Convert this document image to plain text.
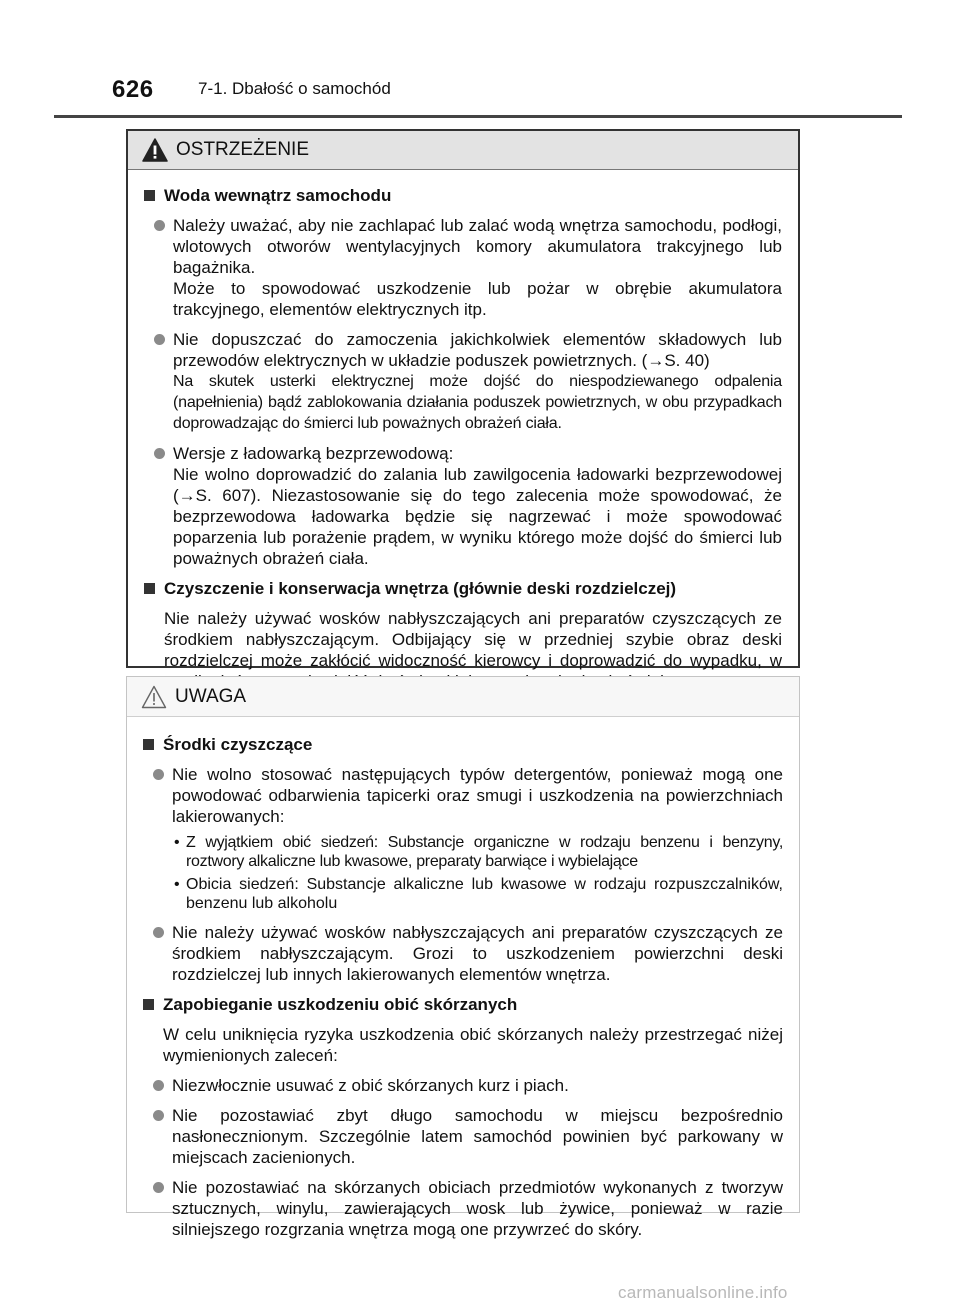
626	7-1. Dbałość o samochód
OSTRZEŻENIE
Woda wewnątrz samochodu
Należy uważać, aby nie zachlapać lub zalać wodą wnętrza samochodu, podłogi, wlotowych otworów wentylacyjnych komory akumulatora trakcyjnego lub bagażnika.
Może to spowodować uszkodzenie lub pożar w obrębie akumulatora trakcyjnego, elementów elektrycznych itp.
Nie dopuszczać do zamoczenia jakichkolwiek elementów składowych lub przewodów elektrycznych w układzie poduszek powietrznych. (→S. 40)
Na skutek usterki elektrycznej może dojść do niespodziewanego odpalenia (napełnienia) bądź zablokowania działania poduszek powietrznych, w obu przypadkach doprowadzając do śmierci lub poważnych obrażeń ciała.
Wersje z ładowarką bezprzewodową:
Nie wolno doprowadzić do zalania lub zawilgocenia ładowarki bezprzewodowej (→S. 607). Niezastosowanie się do tego zalecenia może spowodować, że bezprzewodowa ładowarka będzie się nagrzewać i może spowodować poparzenia lub porażenie prądem, w wyniku którego może dojść do śmierci lub poważnych obrażeń ciała.
Czyszczenie i konserwacja wnętrza (głównie deski rozdzielczej)
Nie należy używać wosków nabłyszczających ani preparatów czyszczących ze środkiem nabłyszczającym. Odbijający się w przedniej szybie obraz deski rozdzielczej może zakłócić widoczność kierowcy i doprowadzić do wypadku, w
UWAGA
Środki czyszczące
Nie wolno stosować następujących typów detergentów, ponieważ mogą one powodować odbarwienia tapicerki oraz smugi i uszkodzenia na powierzchniach lakierowanych:
• Z wyjątkiem obić siedzeń: Substancje organiczne w rodzaju benzenu i benzyny, roztwory alkaliczne lub kwasowe, preparaty barwiące i wybielające
• Obicia siedzeń: Substancje alkaliczne lub kwasowe w rodzaju rozpuszczalników, benzenu lub alkoholu
Nie należy używać wosków nabłyszczających ani preparatów czyszczących ze środkiem nabłyszczającym. Grozi to uszkodzeniem powierzchni deski rozdzielczej lub innych lakierowanych elementów wnętrza.
Zapobieganie uszkodzeniu obić skórzanych
W celu uniknięcia ryzyka uszkodzenia obić skórzanych należy przestrzegać niżej wymienionych zaleceń:
Niezwłocznie usuwać z obić skórzanych kurz i piach.
Nie pozostawiać zbyt długo samochodu w miejscu bezpośrednio nasłonecznionym. Szczególnie latem samochód powinien być parkowany w miejscach zacienionych.
Nie pozostawiać na skórzanych obiciach przedmiotów wykonanych z tworzyw sztucznych, winylu, zawierających wosk lub żywice, ponieważ w razie silniejszego rozgrzania wnętrza mogą one przywrzeć do skóry.
carmanualsonline.info
